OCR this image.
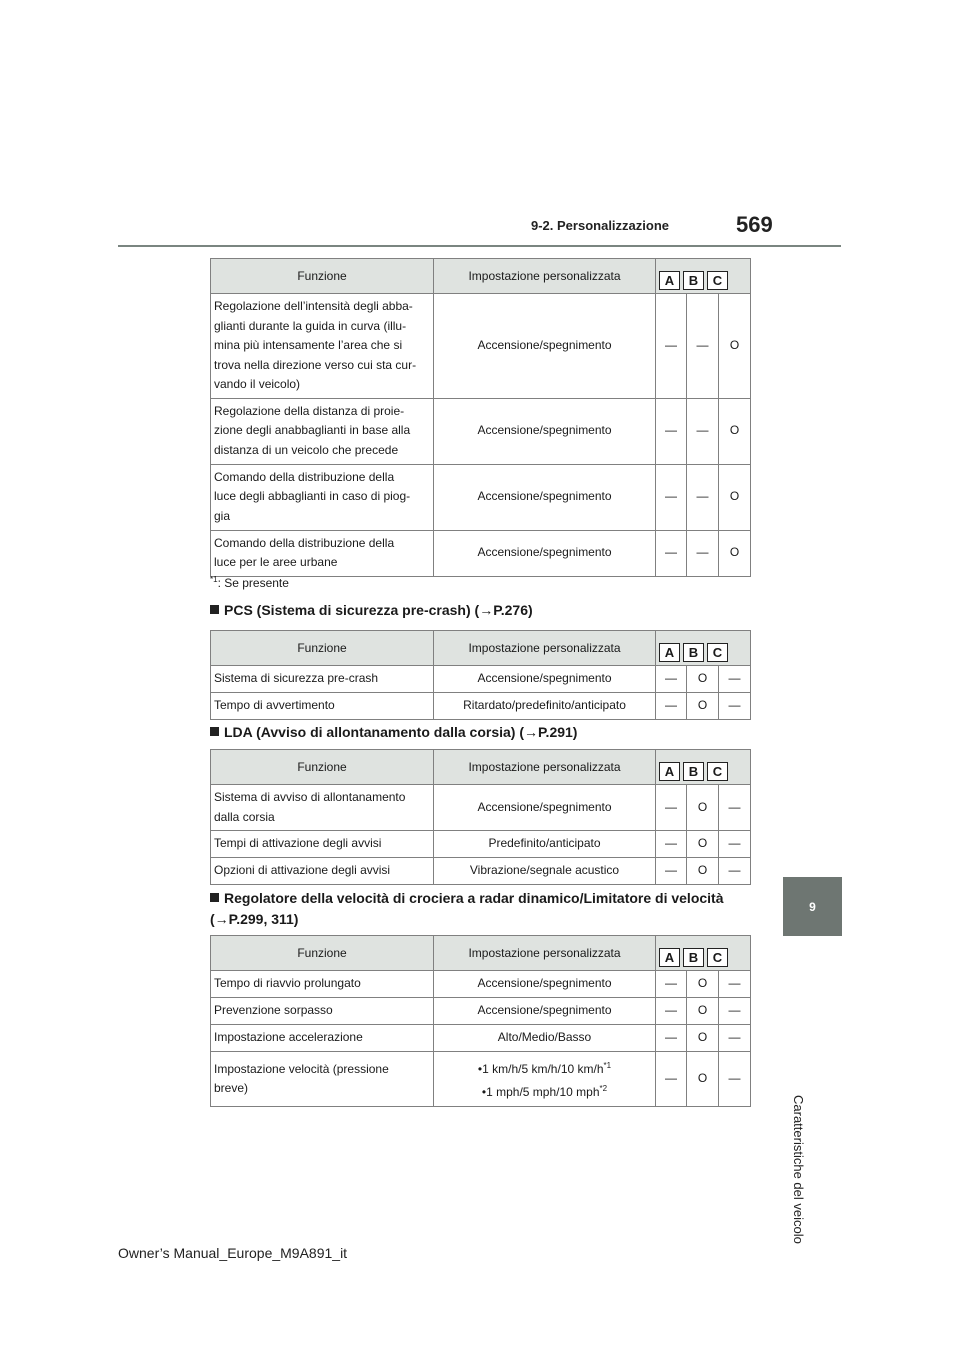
9-2. Personalizzazione	569
9
Caratteristiche del veicolo
Funzione	Impostazione personalizzata	A B C		

Regolazione dell’intensità degli abba-
glianti durante la guida in curva (illu-
mina più intensamente l’area che si
trova nella direzione verso cui sta cur-
vando il veicolo)	Accensione/spegnimento	—	—	O
Regolazione della distanza di proie-
zione degli anabbaglianti in base alla
distanza di un veicolo che precede	Accensione/spegnimento	—	—	O
Comando della distribuzione della
luce degli abbaglianti in caso di piog-
gia	Accensione/spegnimento	—	—	O
Comando della distribuzione della
luce per le aree urbane	Accensione/spegnimento	—	—	O
$^{*1}$: Se presente
PCS (Sistema di sicurezza pre-crash) (→P.276)
Funzione	Impostazione personalizzata	A B C		

Sistema di sicurezza pre-crash	Accensione/spegnimento	—	O	—
Tempo di avvertimento	Ritardato/predefinito/anticipato	—	O	—
LDA (Avviso di allontanamento dalla corsia) (→P.291)
Funzione	Impostazione personalizzata	A B C		

Sistema di avviso di allontanamento
dalla corsia	Accensione/spegnimento	—	O	—
Tempi di attivazione degli avvisi	Predefinito/anticipato	—	O	—
Opzioni di attivazione degli avvisi	Vibrazione/segnale acustico	—	O	—
Regolatore della velocità di crociera a radar dinamico/Limitatore di velocità
(→P.299, 311)
Funzione	Impostazione personalizzata	A B C		

Tempo di riavvio prolungato	Accensione/spegnimento	—	O	—
Prevenzione sorpasso	Accensione/spegnimento	—	O	—
Impostazione accelerazione	Alto/Medio/Basso	—	O	—
Impostazione velocità (pressione
breve)	•1 km/h/5 km/h/10 km/h$^{*1}$
•1 mph/5 mph/10 mph$^{*2}$	—	O	—
Owner’s Manual_Europe_M9A891_it
